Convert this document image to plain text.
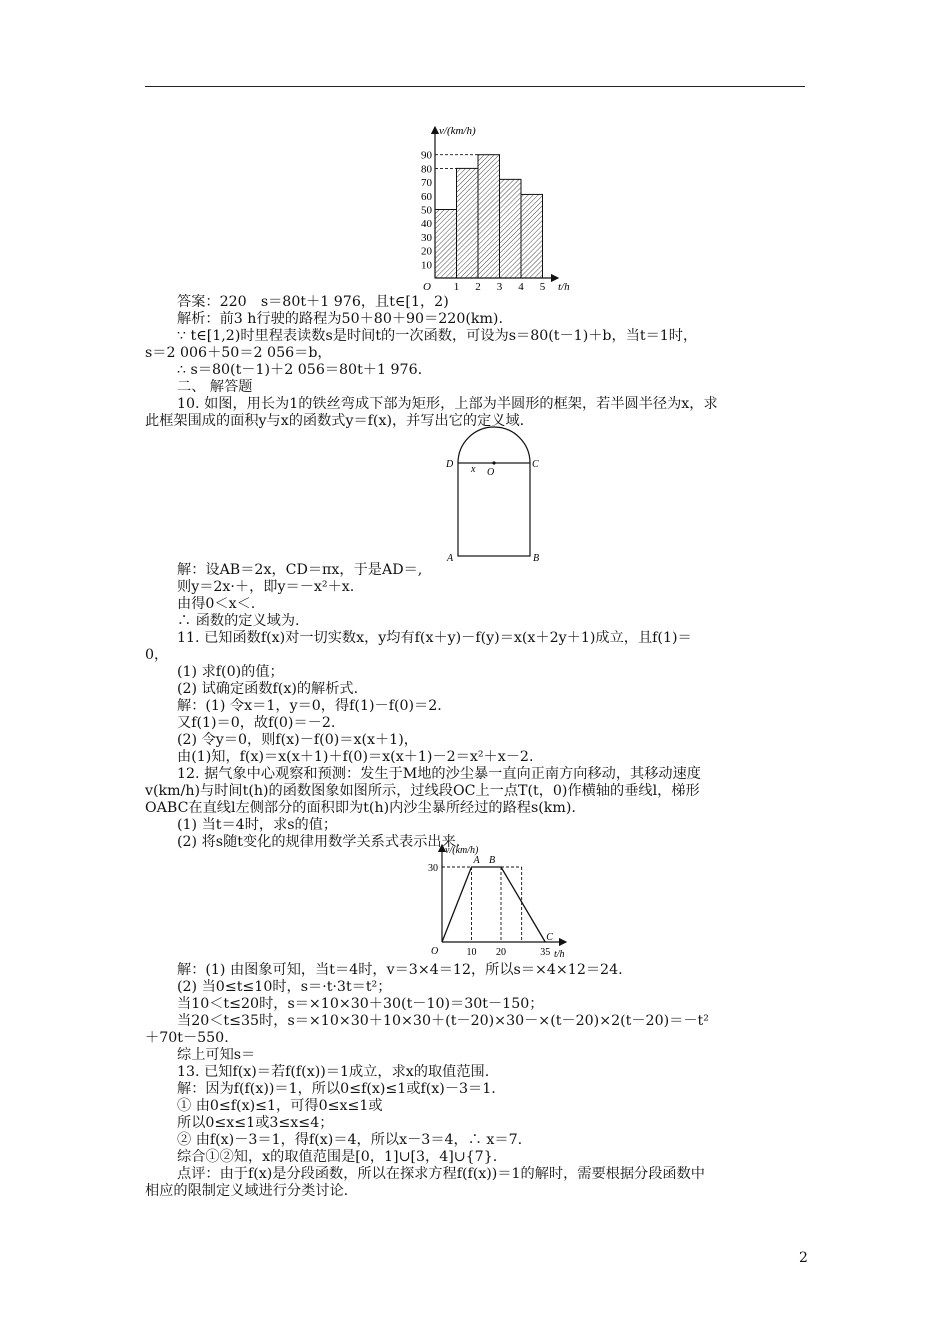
10
20
30
40
50
60
70
80
90
1 2 3 4 5
v/(km/h)
t/h
O
答案：220　s＝80t＋1 976，且t∈[1，2)
解析：前3 h行驶的路程为50＋80＋90＝220(km).
∵ t∈[1,2)时里程表读数s是时间t的一次函数，可设为s＝80(t－1)＋b，当t＝1时，
s＝2 006＋50＝2 056＝b，
∴ s＝80(t－1)＋2 056＝80t＋1 976.
二、 解答题
10. 如图，用长为1的铁丝弯成下部为矩形，上部为半圆形的框架，若半圆半径为x，求
此框架围成的面积y与x的函数式y＝f(x)，并写出它的定义域.
D	C
x O
A	B
解：设AB＝2x，CD＝πx，于是AD＝,
则y＝2x·＋，即y＝－x²＋x.
由得0＜x＜.
∴ 函数的定义域为.
11. 已知函数f(x)对一切实数x，y均有f(x＋y)－f(y)＝x(x＋2y＋1)成立，且f(1)＝
0，
(1) 求f(0)的值；
(2) 试确定函数f(x)的解析式.
解：(1) 令x＝1，y＝0，得f(1)－f(0)＝2.
又f(1)＝0，故f(0)＝－2.
(2) 令y＝0，则f(x)－f(0)＝x(x＋1)，
由(1)知，f(x)＝x(x＋1)＋f(0)＝x(x＋1)－2＝x²＋x－2.
12. 据气象中心观察和预测：发生于M地的沙尘暴一直向正南方向移动，其移动速度
v(km/h)与时间t(h)的函数图象如图所示，过线段OC上一点T(t，0)作横轴的垂线l，梯形
OABC在直线l左侧部分的面积即为t(h)内沙尘暴所经过的路程s(km).
(1) 当t＝4时，求s的值；
(2) 将s随t变化的规律用数学关系式表示出来.
v/(km/h)
t/h
O
A B
C
30
10 20	35
解：(1) 由图象可知，当t＝4时，v＝3×4＝12，所以s＝×4×12＝24.
(2) 当0≤t≤10时，s＝·t·3t＝t²；
当10＜t≤20时，s＝×10×30＋30(t－10)＝30t－150；
当20＜t≤35时，s＝×10×30＋10×30＋(t－20)×30－×(t－20)×2(t－20)＝－t²
＋70t－550.
综上可知s＝
13. 已知f(x)＝若f(f(x))＝1成立，求x的取值范围.
解：因为f(f(x))＝1，所以0≤f(x)≤1或f(x)－3＝1.
① 由0≤f(x)≤1，可得0≤x≤1或
所以0≤x≤1或3≤x≤4；
② 由f(x)－3＝1，得f(x)＝4，所以x－3＝4，∴ x＝7.
综合①②知，x的取值范围是[0，1]∪[3，4]∪{7}.
点评：由于f(x)是分段函数，所以在探求方程f(f(x))＝1的解时，需要根据分段函数中
相应的限制定义域进行分类讨论.
2
